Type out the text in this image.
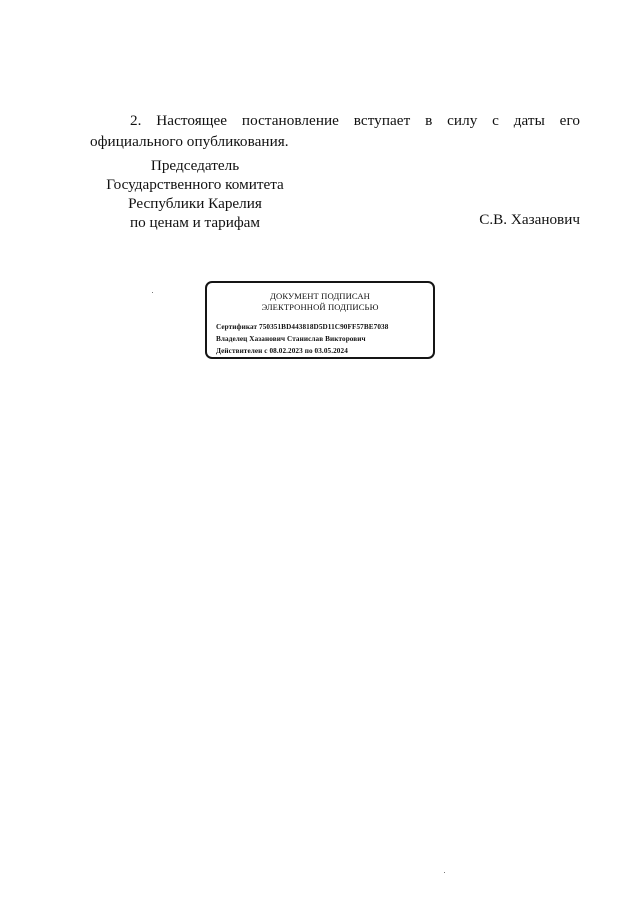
2. Настоящее постановление вступает в силу с даты его официального опубликования.

Председатель
Государственного комитета
Республики Карелия
по ценам и тарифам	С.В. Хазанович
ДОКУМЕНТ ПОДПИСАН
ЭЛЕКТРОННОЙ ПОДПИСЬЮ
Сертификат 750351BD443818D5D11C90FF57BE7038
Владелец Хазанович Станислав Викторович
Действителен с 08.02.2023 по 03.05.2024
